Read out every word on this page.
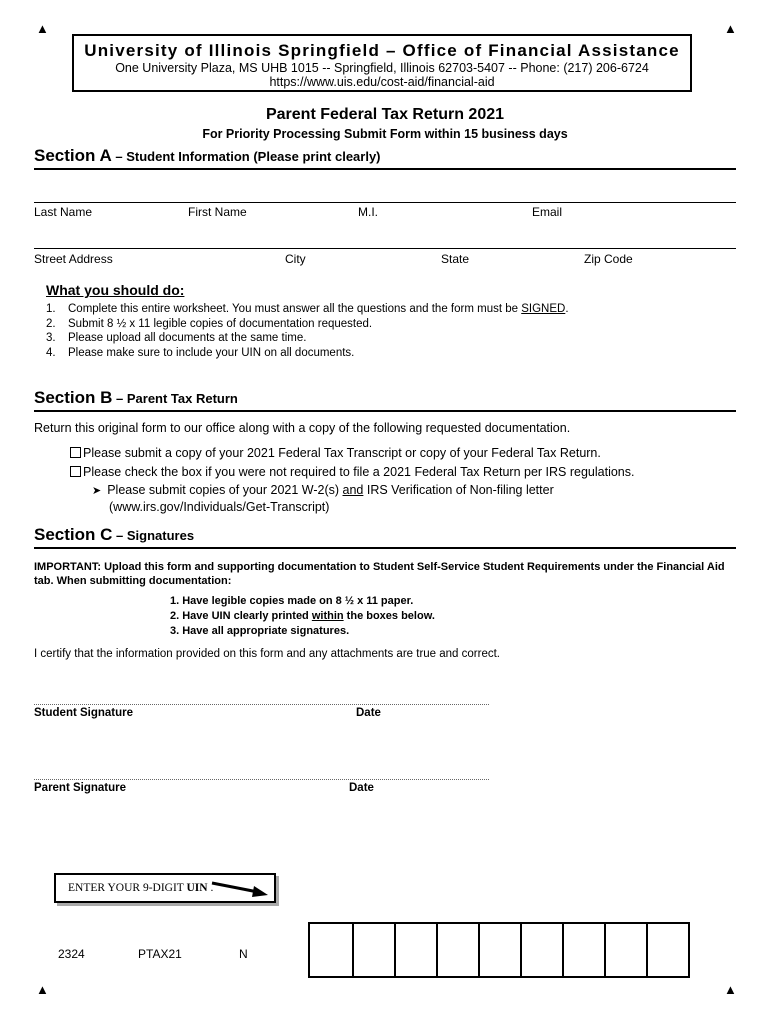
▲	▲
▲	▲
University of Illinois Springfield – Office of Financial Assistance
One University Plaza, MS UHB 1015 -- Springfield, Illinois 62703-5407 -- Phone: (217) 206-6724
https://www.uis.edu/cost-aid/financial-aid
Parent Federal Tax Return 2021
For Priority Processing Submit Form within 15 business days
Section A – Student Information (Please print clearly)
Last Name	First Name	M.I.	Email
Street Address	City	State	Zip Code
What you should do:
1.	Complete this entire worksheet. You must answer all the questions and the form must be SIGNED.
2.	Submit 8 ½ x 11 legible copies of documentation requested.
3.	Please upload all documents at the same time.
4.	Please make sure to include your UIN on all documents.
Section B – Parent Tax Return
Return this original form to our office along with a copy of the following requested documentation.
Please submit a copy of your 2021 Federal Tax Transcript or copy of your Federal Tax Return.
Please check the box if you were not required to file a 2021 Federal Tax Return per IRS regulations.
➤ Please submit copies of your 2021 W-2(s) and IRS Verification of Non-filing letter
(www.irs.gov/Individuals/Get-Transcript)
Section C – Signatures
IMPORTANT: Upload this form and supporting documentation to Student Self-Service Student Requirements under the Financial Aid tab. When submitting documentation:
1. Have legible copies made on 8 ½ x 11 paper.
2. Have UIN clearly printed within the boxes below.
3. Have all appropriate signatures.
I certify that the information provided on this form and any attachments are true and correct.
Student Signature	Date
Parent Signature	Date
ENTER YOUR 9-DIGIT UIN .
2324	PTAX21	N
